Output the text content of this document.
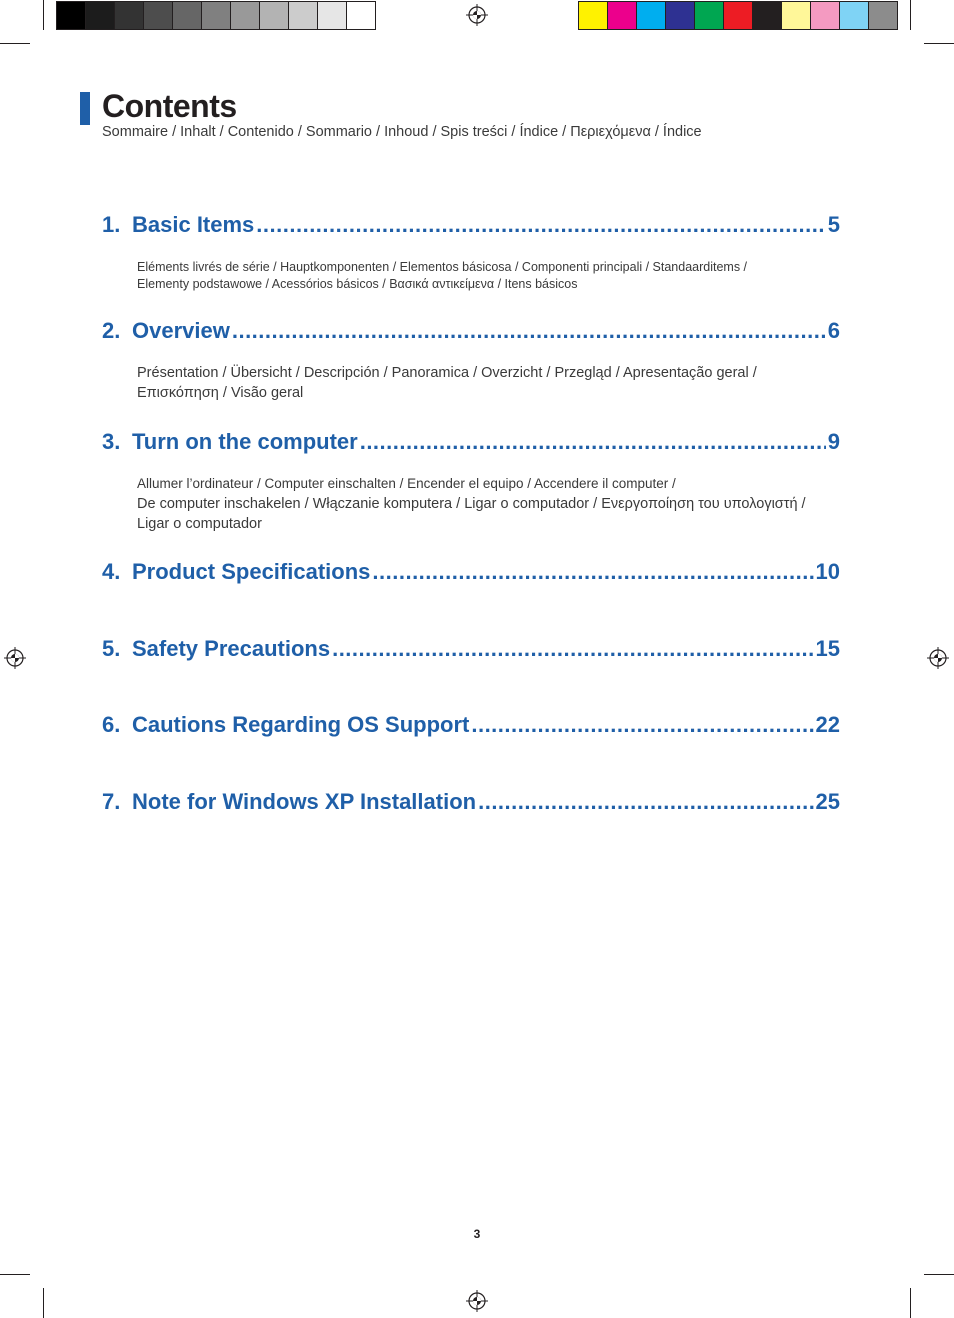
Contents
Sommaire / Inhalt / Contenido / Sommario / Inhoud / Spis treści / Índice / Περιεχόμενα / Índice
1. Basic Items .....	5
Eléments livrés de série / Hauptkomponenten / Elementos básicosa / Componenti principali / Standaarditems /
Elementy podstawowe / Acessórios básicos / Βασικά αντικείμενα / Itens básicos
2. Overview .....	6
Présentation / Übersicht / Descripción / Panoramica / Overzicht / Przegląd / Apresentação geral /
Επισκόπηση / Visão geral
3. Turn on the computer .....	9
Allumer l’ordinateur / Computer einschalten / Encender el equipo / Accendere il computer /
De computer inschakelen / Włączanie komputera / Ligar o computador / Ενεργοποίηση του υπολογιστή /
Ligar o computador
4. Product Specifications .....	10
5. Safety Precautions .....	15
6. Cautions Regarding OS Support .....	22
7. Note for Windows XP Installation .....	25
3
